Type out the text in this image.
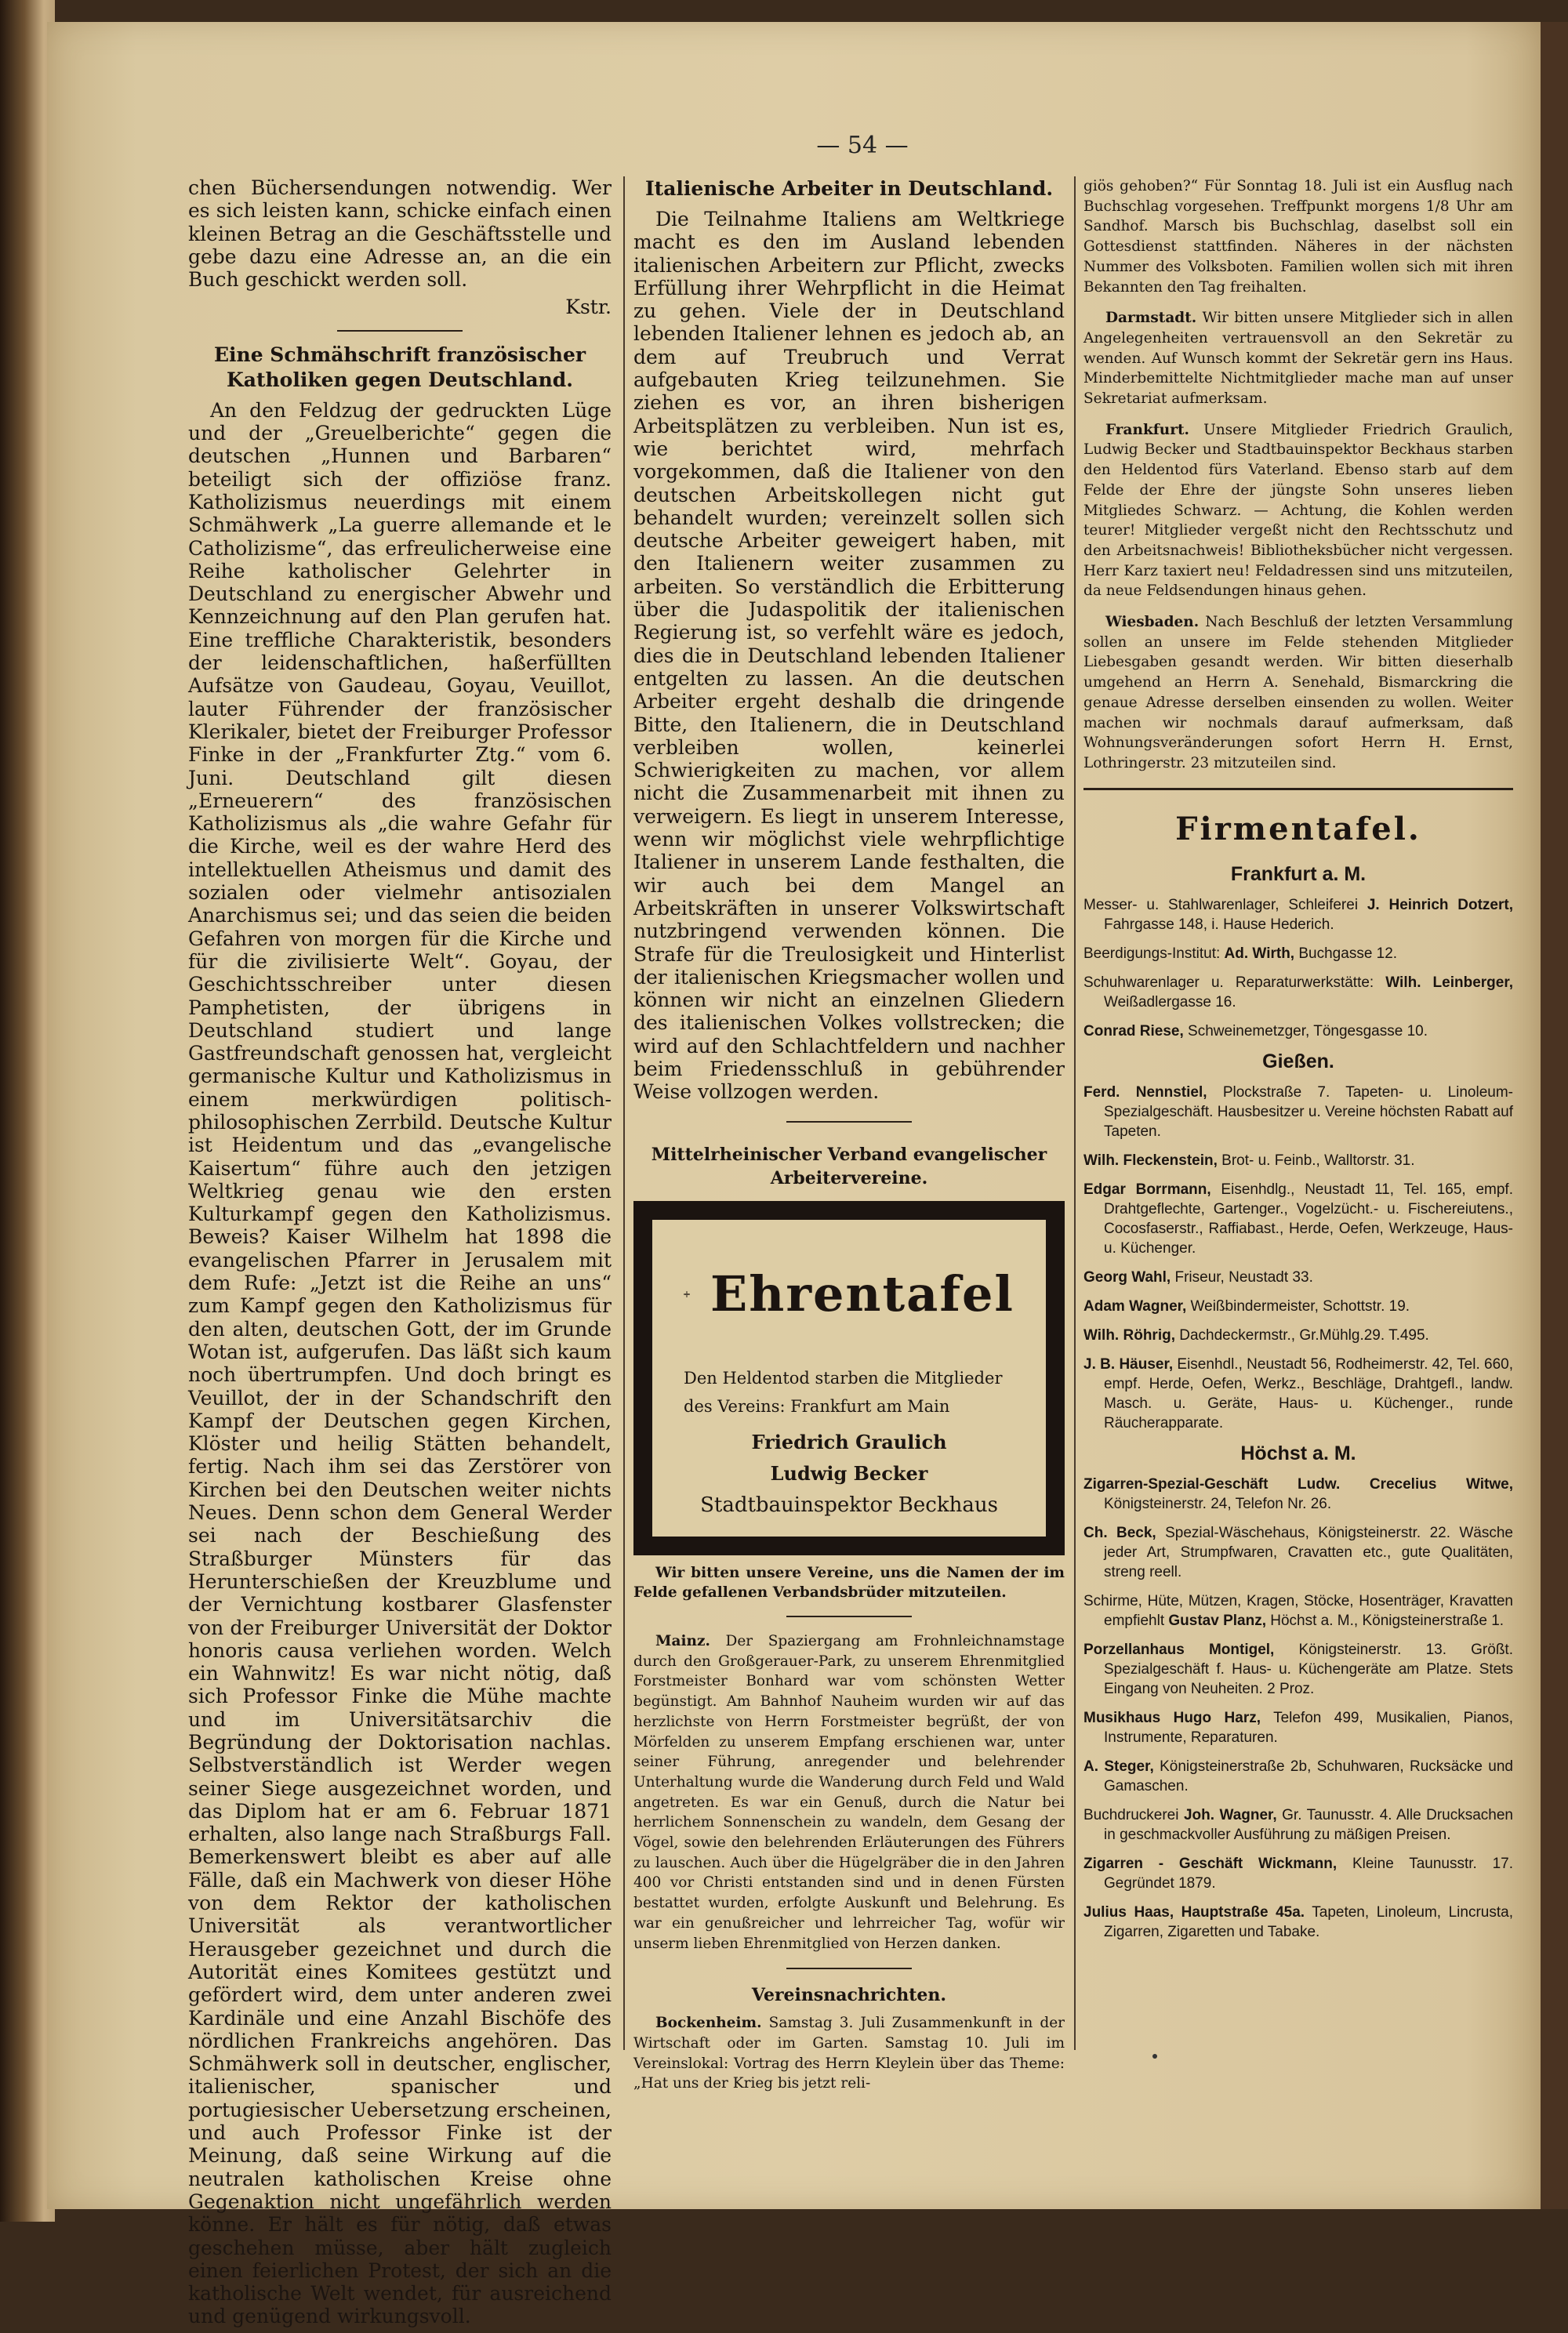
— 54 —

chen Büchersendungen notwendig. Wer es sich leisten kann, schicke einfach einen kleinen Betrag an die Geschäftsstelle und gebe dazu eine Adresse an, an die ein Buch geschickt werden soll.

Kstr.

Eine Schmähschrift französischer Katholiken gegen Deutschland.

An den Feldzug der gedruckten Lüge und der „Greuelberichte“ gegen die deutschen „Hunnen und Barbaren“ beteiligt sich der offiziöse franz. Katholizismus neuerdings mit einem Schmähwerk „La guerre allemande et le Catholizisme“, das erfreulicherweise eine Reihe katholischer Gelehrter in Deutschland zu energischer Abwehr und Kennzeichnung auf den Plan gerufen hat. Eine treffliche Charakteristik, besonders der leidenschaftlichen, haßerfüllten Aufsätze von Gaudeau, Goyau, Veuillot, lauter Führender der französischer Klerikaler, bietet der Freiburger Professor Finke in der „Frankfurter Ztg.“ vom 6. Juni. Deutschland gilt diesen „Erneuerern“ des französischen Katholizismus als „die wahre Gefahr für die Kirche, weil es der wahre Herd des intellektuellen Atheismus und damit des sozialen oder vielmehr antisozialen Anarchismus sei; und das seien die beiden Gefahren von morgen für die Kirche und für die zivilisierte Welt“. Goyau, der Geschichtsschreiber unter diesen Pamphetisten, der übrigens in Deutschland studiert und lange Gastfreundschaft genossen hat, vergleicht germanische Kultur und Katholizismus in einem merkwürdigen politisch-philosophischen Zerrbild. Deutsche Kultur ist Heidentum und das „evangelische Kaisertum“ führe auch den jetzigen Weltkrieg genau wie den ersten Kulturkampf gegen den Katholizismus. Beweis? Kaiser Wilhelm hat 1898 die evangelischen Pfarrer in Jerusalem mit dem Rufe: „Jetzt ist die Reihe an uns“ zum Kampf gegen den Katholizismus für den alten, deutschen Gott, der im Grunde Wotan ist, aufgerufen. Das läßt sich kaum noch übertrumpfen. Und doch bringt es Veuillot, der in der Schandschrift den Kampf der Deutschen gegen Kirchen, Klöster und heilig Stätten behandelt, fertig. Nach ihm sei das Zerstörer von Kirchen bei den Deutschen weiter nichts Neues. Denn schon dem General Werder sei nach der Beschießung des Straßburger Münsters für das Herunterschießen der Kreuzblume und der Vernichtung kostbarer Glasfenster von der Freiburger Universität der Doktor honoris causa verliehen worden. Welch ein Wahnwitz! Es war nicht nötig, daß sich Professor Finke die Mühe machte und im Universitätsarchiv die Begründung der Doktorisation nachlas. Selbstverständlich ist Werder wegen seiner Siege ausgezeichnet worden, und das Diplom hat er am 6. Februar 1871 erhalten, also lange nach Straßburgs Fall. Bemerkenswert bleibt es aber auf alle Fälle, daß ein Machwerk von dieser Höhe von dem Rektor der katholischen Universität als verantwortlicher Herausgeber gezeichnet und durch die Autorität eines Komitees gestützt und gefördert wird, dem unter anderen zwei Kardinäle und eine Anzahl Bischöfe des nördlichen Frankreichs angehören. Das Schmähwerk soll in deutscher, englischer, italienischer, spanischer und portugiesischer Uebersetzung erscheinen, und auch Professor Finke ist der Meinung, daß seine Wirkung auf die neutralen katholischen Kreise ohne Gegenaktion nicht ungefährlich werden könne. Er hält es für nötig, daß etwas geschehen müsse, aber hält zugleich einen feierlichen Protest, der sich an die katholische Welt wendet, für ausreichend und genügend wirkungsvoll.

Italienische Arbeiter in Deutschland.

Die Teilnahme Italiens am Weltkriege macht es den im Ausland lebenden italienischen Arbeitern zur Pflicht, zwecks Erfüllung ihrer Wehrpflicht in die Heimat zu gehen. Viele der in Deutschland lebenden Italiener lehnen es jedoch ab, an dem auf Treubruch und Verrat aufgebauten Krieg teilzunehmen. Sie ziehen es vor, an ihren bisherigen Arbeitsplätzen zu verbleiben. Nun ist es, wie berichtet wird, mehrfach vorgekommen, daß die Italiener von den deutschen Arbeitskollegen nicht gut behandelt wurden; vereinzelt sollen sich deutsche Arbeiter geweigert haben, mit den Italienern weiter zusammen zu arbeiten. So verständlich die Erbitterung über die Judaspolitik der italienischen Regierung ist, so verfehlt wäre es jedoch, dies die in Deutschland lebenden Italiener entgelten zu lassen. An die deutschen Arbeiter ergeht deshalb die dringende Bitte, den Italienern, die in Deutschland verbleiben wollen, keinerlei Schwierigkeiten zu machen, vor allem nicht die Zusammenarbeit mit ihnen zu verweigern. Es liegt in unserem Interesse, wenn wir möglichst viele wehrpflichtige Italiener in unserem Lande festhalten, die wir auch bei dem Mangel an Arbeitskräften in unserer Volkswirtschaft nutzbringend verwenden können. Die Strafe für die Treulosigkeit und Hinterlist der italienischen Kriegsmacher wollen und können wir nicht an einzelnen Gliedern des italienischen Volkes vollstrecken; die wird auf den Schlachtfeldern und nachher beim Friedensschluß in gebührender Weise vollzogen werden.

Mittelrheinischer Verband evangelischer Arbeitervereine.
Ehrentafel

Den Heldentod starben die Mitglieder des Vereins: Frankfurt am Main

Friedrich Graulich

Ludwig Becker

Stadtbauinspektor Beckhaus

Wir bitten unsere Vereine, uns die Namen der im Felde gefallenen Verbandsbrüder mitzuteilen.

Mainz. Der Spaziergang am Frohnleichnamstage durch den Großgerauer-Park, zu unserem Ehrenmitglied Forstmeister Bonhard war vom schönsten Wetter begünstigt. Am Bahnhof Nauheim wurden wir auf das herzlichste von Herrn Forstmeister begrüßt, der von Mörfelden zu unserem Empfang erschienen war, unter seiner Führung, anregender und belehrender Unterhaltung wurde die Wanderung durch Feld und Wald angetreten. Es war ein Genuß, durch die Natur bei herrlichem Sonnenschein zu wandeln, dem Gesang der Vögel, sowie den belehrenden Erläuterungen des Führers zu lauschen. Auch über die Hügelgräber die in den Jahren 400 vor Christi entstanden sind und in denen Fürsten bestattet wurden, erfolgte Auskunft und Belehrung. Es war ein genußreicher und lehrreicher Tag, wofür wir unserm lieben Ehrenmitglied von Herzen danken.

Vereinsnachrichten.

Bockenheim. Samstag 3. Juli Zusammenkunft in der Wirtschaft oder im Garten. Samstag 10. Juli im Vereinslokal: Vortrag des Herrn Kleylein über das Theme: „Hat uns der Krieg bis jetzt reli-

giös gehoben?“ Für Sonntag 18. Juli ist ein Ausflug nach Buchschlag vorgesehen. Treffpunkt morgens 1/8 Uhr am Sandhof. Marsch bis Buchschlag, daselbst soll ein Gottesdienst stattfinden. Näheres in der nächsten Nummer des Volksboten. Familien wollen sich mit ihren Bekannten den Tag freihalten.

Darmstadt. Wir bitten unsere Mitglieder sich in allen Angelegenheiten vertrauensvoll an den Sekretär zu wenden. Auf Wunsch kommt der Sekretär gern ins Haus. Minderbemittelte Nichtmitglieder mache man auf unser Sekretariat aufmerksam.

Frankfurt. Unsere Mitglieder Friedrich Graulich, Ludwig Becker und Stadtbauinspektor Beckhaus starben den Heldentod fürs Vaterland. Ebenso starb auf dem Felde der Ehre der jüngste Sohn unseres lieben Mitgliedes Schwarz. — Achtung, die Kohlen werden teurer! Mitglieder vergeßt nicht den Rechtsschutz und den Arbeitsnachweis! Bibliotheksbücher nicht vergessen. Herr Karz taxiert neu! Feldadressen sind uns mitzuteilen, da neue Feldsendungen hinaus gehen.

Wiesbaden. Nach Beschluß der letzten Versammlung sollen an unsere im Felde stehenden Mitglieder Liebesgaben gesandt werden. Wir bitten dieserhalb umgehend an Herrn A. Senehald, Bismarckring die genaue Adresse derselben einsenden zu wollen. Weiter machen wir nochmals darauf aufmerksam, daß Wohnungsveränderungen sofort Herrn H. Ernst, Lothringerstr. 23 mitzuteilen sind.

Firmentafel.
Frankfurt a. M.
Messer- u. Stahlwarenlager, Schleiferei J. Heinrich Dotzert, Fahrgasse 148, i. Hause Hederich.
Beerdigungs-Institut: Ad. Wirth, Buchgasse 12.
Schuhwarenlager u. Reparaturwerkstätte: Wilh. Leinberger, Weißadlergasse 16.
Conrad Riese, Schweinemetzger, Töngesgasse 10.
Gießen.
Ferd. Nennstiel, Plockstraße 7. Tapeten- u. Linoleum-Spezialgeschäft. Hausbesitzer u. Vereine höchsten Rabatt auf Tapeten.
Wilh. Fleckenstein, Brot- u. Feinb., Walltorstr. 31.
Edgar Borrmann, Eisenhdlg., Neustadt 11, Tel. 165, empf. Drahtgeflechte, Gartenger., Vogelzücht.- u. Fischereiutens., Cocosfaserstr., Raffiabast., Herde, Oefen, Werkzeuge, Haus- u. Küchenger.
Georg Wahl, Friseur, Neustadt 33.
Adam Wagner, Weißbindermeister, Schottstr. 19.
Wilh. Röhrig, Dachdeckermstr., Gr.Mühlg.29. T.495.
J. B. Häuser, Eisenhdl., Neustadt 56, Rodheimerstr. 42, Tel. 660, empf. Herde, Oefen, Werkz., Beschläge, Drahtgefl., landw. Masch. u. Geräte, Haus- u. Küchenger., runde Räucherapparate.
Höchst a. M.
Zigarren-Spezial-Geschäft Ludw. Crecelius Witwe, Königsteinerstr. 24, Telefon Nr. 26.
Ch. Beck, Spezial-Wäschehaus, Königsteinerstr. 22. Wäsche jeder Art, Strumpfwaren, Cravatten etc., gute Qualitäten, streng reell.
Schirme, Hüte, Mützen, Kragen, Stöcke, Hosenträger, Kravatten empfiehlt Gustav Planz, Höchst a. M., Königsteinerstraße 1.
Porzellanhaus Montigel, Königsteinerstr. 13. Größt. Spezialgeschäft f. Haus- u. Küchengeräte am Platze. Stets Eingang von Neuheiten. 2 Proz.
Musikhaus Hugo Harz, Telefon 499, Musikalien, Pianos, Instrumente, Reparaturen.
A. Steger, Königsteinerstraße 2b, Schuhwaren, Rucksäcke und Gamaschen.
Buchdruckerei Joh. Wagner, Gr. Taunusstr. 4. Alle Drucksachen in geschmackvoller Ausführung zu mäßigen Preisen.
Zigarren - Geschäft Wickmann, Kleine Taunusstr. 17. Gegründet 1879.
Julius Haas, Hauptstraße 45a. Tapeten, Linoleum, Lincrusta, Zigarren, Zigaretten und Tabake.
